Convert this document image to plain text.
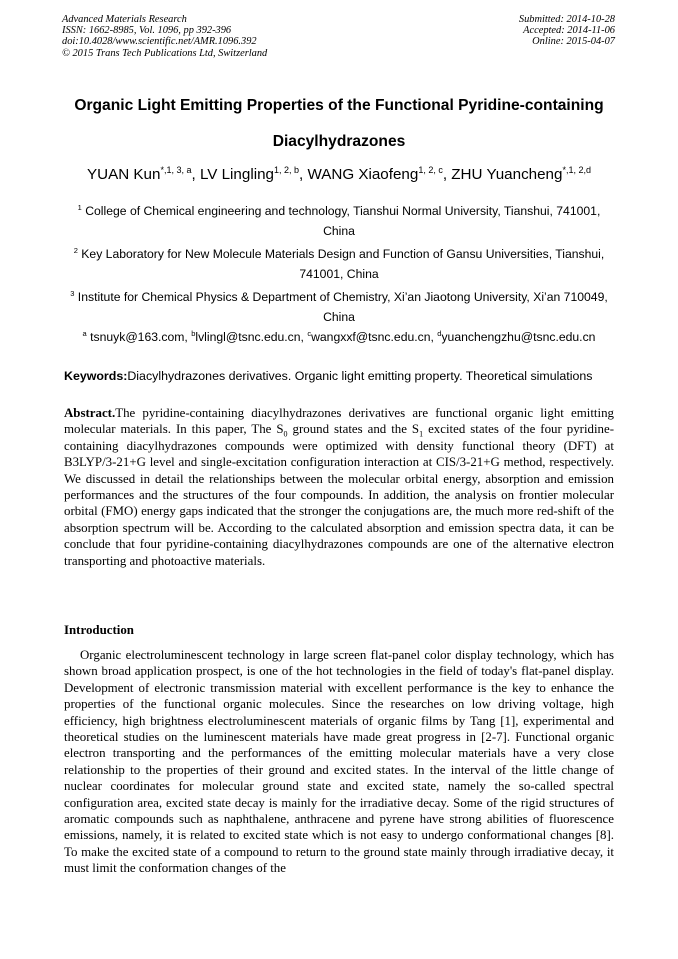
Advanced Materials Research
ISSN: 1662-8985, Vol. 1096, pp 392-396
doi:10.4028/www.scientific.net/AMR.1096.392
© 2015 Trans Tech Publications Ltd, Switzerland
Submitted: 2014-10-28
Accepted: 2014-11-06
Online: 2015-04-07
Organic Light Emitting Properties of the Functional Pyridine-containing
Diacylhydrazones
YUAN Kun$^{*,1, 3, a}$, LV Lingling$^{1, 2, b}$, WANG Xiaofeng$^{1, 2, c}$, ZHU Yuancheng$^{*,1, 2,d}$
$^1$ College of Chemical engineering and technology, Tianshui Normal University, Tianshui, 741001, China
$^2$ Key Laboratory for New Molecule Materials Design and Function of Gansu Universities, Tianshui, 741001, China
$^3$ Institute for Chemical Physics & Department of Chemistry, Xi’an Jiaotong University, Xi’an 710049, China
$^a$ tsnuyk@163.com, $^b$lvlingl@tsnc.edu.cn, $^c$wangxxf@tsnc.edu.cn, $^d$yuanchengzhu@tsnc.edu.cn
Keywords:Diacylhydrazones derivatives. Organic light emitting property. Theoretical simulations
Abstract.The pyridine-containing diacylhydrazones derivatives are functional organic light emitting molecular materials. In this paper, The $S_0$ ground states and the $S_1$ excited states of the four pyridine-containing diacylhydrazones compounds were optimized with density functional theory (DFT) at B3LYP/3-21+G level and single-excitation configuration interaction at CIS/3-21+G method, respectively. We discussed in detail the relationships between the molecular orbital energy, absorption and emission performances and the structures of the four compounds. In addition, the analysis on frontier molecular orbital (FMO) energy gaps indicated that the stronger the conjugations are, the much more red-shift of the absorption spectrum will be. According to the calculated absorption and emission spectra data, it can be conclude that four pyridine-containing diacylhydrazones compounds are one of the alternative electron transporting and photoactive materials.
Introduction
Organic electroluminescent technology in large screen flat-panel color display technology, which has shown broad application prospect, is one of the hot technologies in the field of today's flat-panel display. Development of electronic transmission material with excellent performance is the key to enhance the properties of the functional organic molecules. Since the researches on low driving voltage, high efficiency, high brightness electroluminescent materials of organic films by Tang [1], experimental and theoretical studies on the luminescent materials have made great progress in [2-7]. Functional organic electron transporting and the performances of the emitting molecular materials have a very close relationship to the properties of their ground and excited states. In the interval of the little change of nuclear coordinates for molecular ground state and excited state, namely the so-called spectral configuration area, excited state decay is mainly for the irradiative decay. Some of the rigid structures of aromatic compounds such as naphthalene, anthracene and pyrene have strong abilities of fluorescence emissions, namely, it is related to excited state which is not easy to undergo conformational changes [8]. To make the excited state of a compound to return to the ground state mainly through irradiative decay, it must limit the conformation changes of the
